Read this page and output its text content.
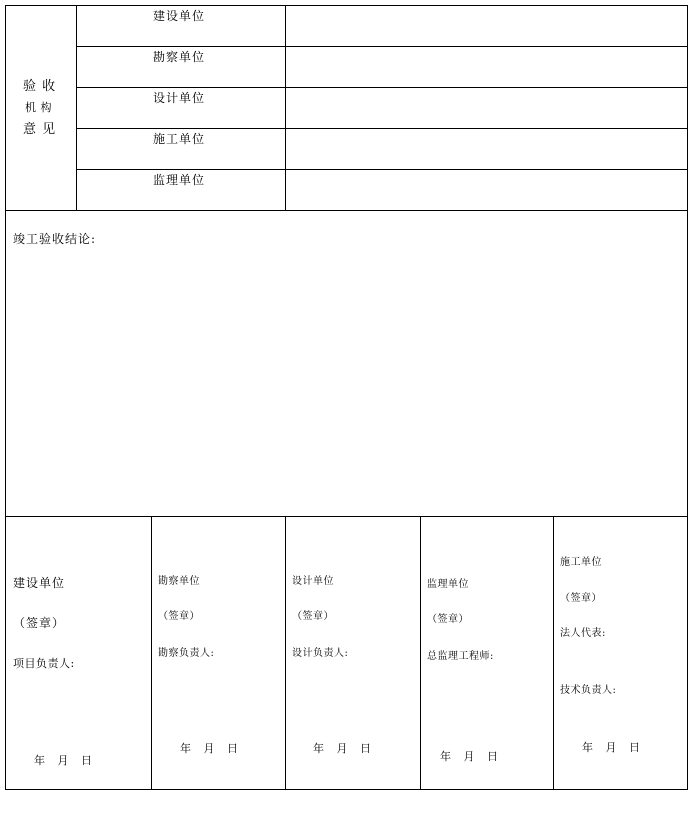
验 收
机 构
意 见
建设单位
勘察单位
设计单位
施工单位
监理单位
竣工验收结论:
建设单位
（签章）
项目负责人:
年   月   日
勘察单位
（签章）
勘察负责人:
年   月   日
设计单位
（签章）
设计负责人:
年   月   日
监理单位
（签章）
总监理工程师:
年   月   日
施工单位
（签章）
法人代表:
技术负责人:
年   月   日
